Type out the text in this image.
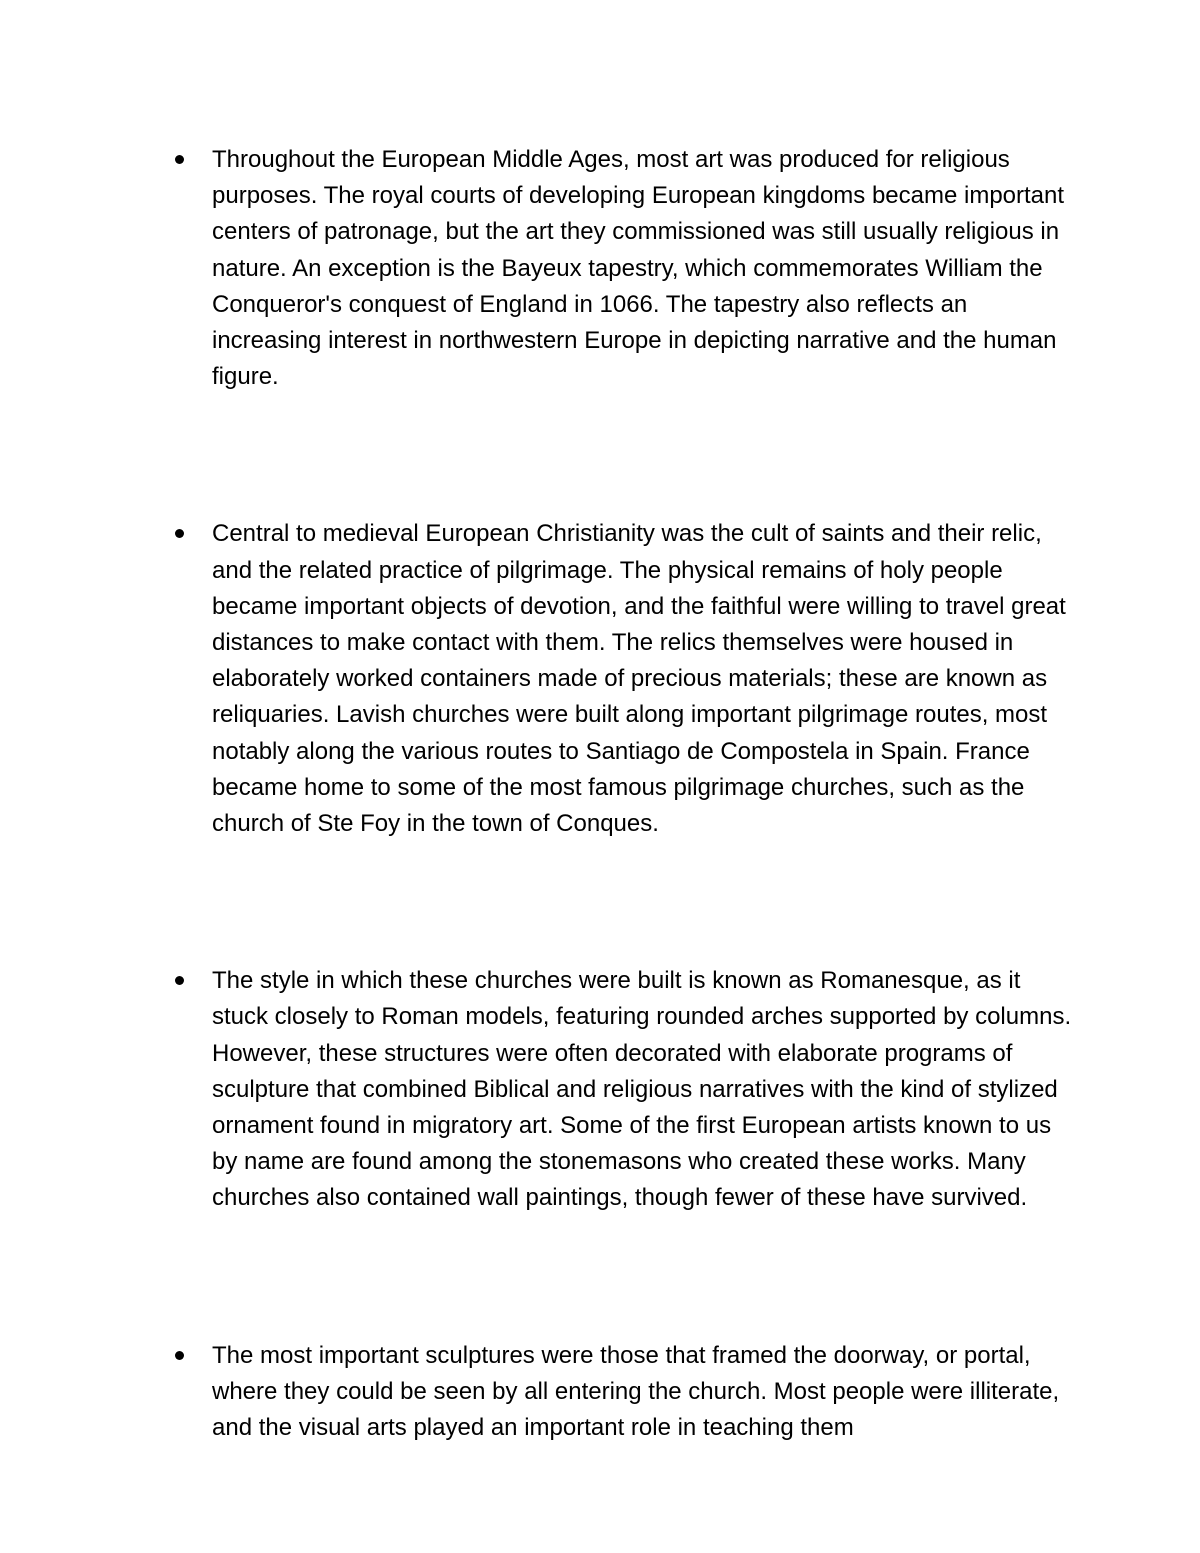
Throughout the European Middle Ages, most art was produced for religious purposes. The royal courts of developing European kingdoms became important centers of patronage, but the art they commissioned was still usually religious in nature. An exception is the Bayeux tapestry, which commemorates William the Conqueror's conquest of England in 1066. The tapestry also reflects an increasing interest in northwestern Europe in depicting narrative and the human figure.
Central to medieval European Christianity was the cult of saints and their relic, and the related practice of pilgrimage. The physical remains of holy people became important objects of devotion, and the faithful were willing to travel great distances to make contact with them. The relics themselves were housed in elaborately worked containers made of precious materials; these are known as reliquaries. Lavish churches were built along important pilgrimage routes, most notably along the various routes to Santiago de Compostela in Spain. France became home to some of the most famous pilgrimage churches, such as the church of Ste Foy in the town of Conques.
The style in which these churches were built is known as Romanesque, as it stuck closely to Roman models, featuring rounded arches supported by columns. However, these structures were often decorated with elaborate programs of sculpture that combined Biblical and religious narratives with the kind of stylized ornament found in migratory art. Some of the first European artists known to us by name are found among the stonemasons who created these works. Many churches also contained wall paintings, though fewer of these have survived.
The most important sculptures were those that framed the doorway, or portal, where they could be seen by all entering the church. Most people were illiterate, and the visual arts played an important role in teaching them
